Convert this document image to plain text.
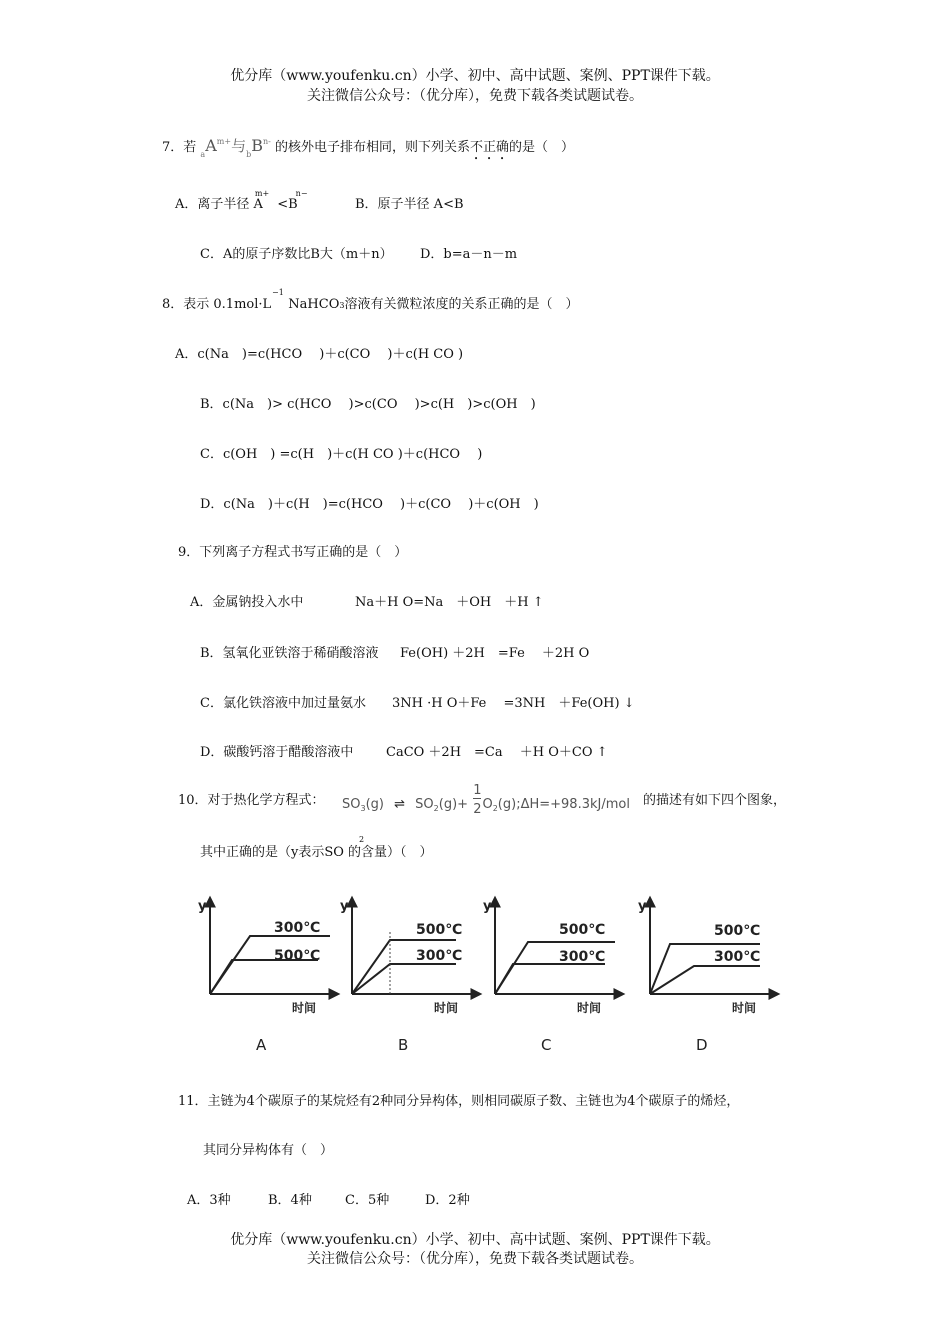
优分库（www.youfenku.cn）小学、初中、高中试题、案例、PPT课件下载。
关注微信公众号：（优分库），免费下载各类试题试卷。
7．若 $_aA^{m+}$与$_bB^{n-}$ 的核外电子排布相同，则下列关系不正确的是（　）
A．离子半径 $A^{m+}<B^{n-}$
B．原子半径 A<B
C．A的原子序数比B大（m＋n） D．b=a－n－m
8．表示 0.1mol·L　 NaHCO
−1
3溶液有关微粒浓度的关系正确的是（　）
A．c(Na　)=c(HCO　 )＋c(CO　 )＋c(H CO )
B．c(Na　)> c(HCO　 )>c(CO　 )>c(H　)>c(OH　)
C．c(OH　) =c(H　)＋c(H CO )＋c(HCO　 )
D．c(Na　)＋c(H　)=c(HCO　 )＋c(CO　 )＋c(OH　)
9．下列离子方程式书写正确的是（　）
A．金属钠投入水中	Na＋H O=Na　＋OH　＋H ↑
B．氢氧化亚铁溶于稀硝酸溶液 Fe(OH) ＋2H　=Fe　 ＋2H O
C．氯化铁溶液中加过量氨水 3NH ·H O＋Fe　 =3NH　＋Fe(OH) ↓
D．碳酸钙溶于醋酸溶液中	CaCO ＋2H　=Ca　 ＋H O＋CO ↑
10．对于热化学方程式： $SO_3(g)$ ⇌ $SO_2(g)+ \frac{1}{2}$ $O_2(g);\Delta H=+98.3kJ$/mol 的描述有如下四个图象，
其中正确的是（y表示SO 的含量）（　）
2
y
时间
300℃
500℃
A
y
时间
500℃
300℃
B
y
时间
500℃
300℃
C
y
时间
500℃
300℃
D
11．主链为4个碳原子的某烷烃有2种同分异构体，则相同碳原子数、主链也为4个碳原子的烯烃，
其同分异构体有（　）
A．3种	B．4种	C．5种	D．2种
优分库（www.youfenku.cn）小学、初中、高中试题、案例、PPT课件下载。
关注微信公众号：（优分库），免费下载各类试题试卷。
